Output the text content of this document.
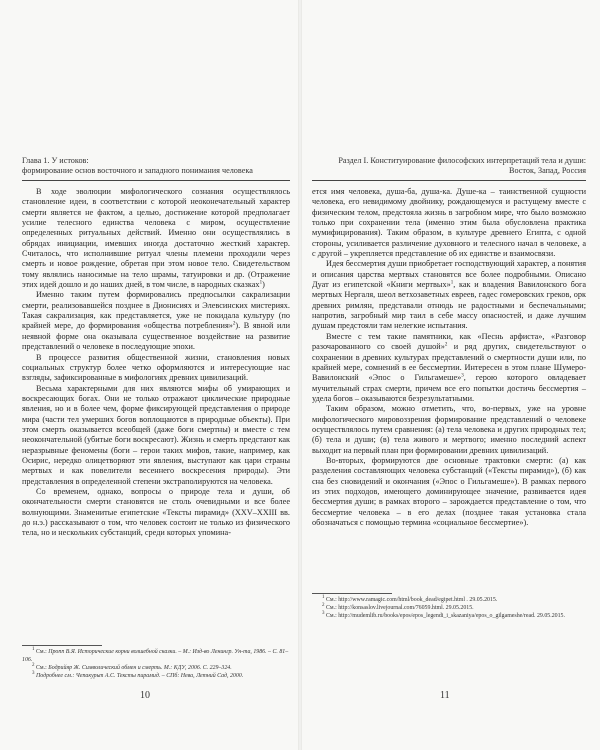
Глава 1. У истоков:
формирование основ восточного и западного понимания человека

В ходе эволюции мифологического сознания осуществлялось становление идеи, в соответствии с которой неоконечательный характер смерти является не фактом, а целью, достижение которой предполагает усилие телесного единства человека с миром, осуществление определенных ритуальных действий. Именно они осуществлялись в обрядах инициации, имевших иногда достаточно жесткий характер. Считалось, что исполнившие ритуал члены племени проходили через смерть и новое рождение, обретая при этом новое тело. Свидетельством тому являлись наносимые на тело шрамы, татуировки и др. (Отражение этих идей дошло и до наших дней, в том числе, в народных сказках$^1$)

Именно таким путем формировались предпосылки сакрализации смерти, реализовавшейся позднее в Дионисиях и Элевсинских мистериях. Такая сакрализация, как представляется, уже не покидала культуру (по крайней мере, до формирования «общества потребления»$^2$). В явной или неявной форме она оказывала существенное воздействие на развитие представлений о человеке в последующие эпохи.

В процессе развития общественной жизни, становления новых социальных структур более четко оформляются и интересующие нас взгляды, зафиксированные в мифологиях древних цивилизаций.

Весьма характерными для них являются мифы об умирающих и воскресающих богах. Они не только отражают циклические природные явления, но и в более чем, форме фиксирующей представления о природе мира (части тел умерших богов воплощаются в природные объекты). При этом смерть оказывается всеобщей (даже боги смертны) и вместе с тем неокончательной (убитые боги воскресают). Жизнь и смерть предстают как неразрывные феномены (боги – герои таких мифов, такие, например, как Осирис, нередко олицетворяют эти явления, выступают как цари страны мертвых и как повелители весеннего воскресения природы). Эти представления в определенной степени экстраполируются на человека.

Со временем, однако, вопросы о природе тела и души, об окончательности смерти становятся не столь очевидными и все более волнующими. Знаменитые египетские «Тексты пирамид» (XXV–XXIII вв. до н.э.) рассказывают о том, что человек состоит не только из физического тела, но и нескольких субстанций, среди которых упомина-

$^1$ См.: Пропп В.Я. Исторические корни волшебной сказки. – М.: Изд-во Ленингр. Ун-та, 1986. – С. 81–106.
$^2$ См.: Бодрийяр Ж. Символический обмен и смерть. М.: КДУ, 2006. С. 229–324.
$^3$ Подробнее см.: Чепакурьт А.С. Тексты пирамид. – СПб: Нева, Летний Сад, 2000.
10
Раздел I. Конституирование философских интерпретаций тела и души:
Восток, Запад, Россия

ется имя человека, душа-ба, душа-ка. Душе-ка – таинственной сущности человека, его невидимому двойнику, рождающемуся и растущему вместе с физическим телом, предстояла жизнь в загробном мире, что было возможно только при сохранении тела (именно этим была обусловлена практика мумифицирования). Таким образом, в культуре древнего Египта, с одной стороны, усиливается различение духовного и телесного начал в человеке, а с другой – укрепляется представление об их единстве и взаимосвязи.

Идея бессмертия души приобретает господствующий характер, а понятия и описания царства мертвых становятся все более подробными. Описано Дуат из египетской «Книги мертвых»$^1$, как и владения Вавилонского бога мертвых Нергаля, шеол ветхозаветных евреев, гадес гомеровских греков, орк древних римлян, представали отнюдь не радостными и беспечальными; напротив, загробный мир таил в себе массу опасностей, и даже лучшим душам предстояли там нелегкие испытания.

Вместе с тем такие памятники, как «Песнь арфиста», «Разговор разочарованного со своей душой»$^2$ и ряд других, свидетельствуют о сохранении в древних культурах представлений о смертности души или, по крайней мере, сомнений в ее бессмертии. Интересен в этом плане Шумеро-Вавилонский «Эпос о Гильгамеше»$^3$, герою которого овладевает мучительный страх смерти, причем все его попытки достичь бессмертия – удела богов – оказываются безрезультатными.

Таким образом, можно отметить, что, во-первых, уже на уровне мифологического мировоззрения формирование представлений о человеке осуществлялось путем сравнения: (а) тела человека и других природных тел; (б) тела и души; (в) тела живого и мертвого; именно последний аспект выходит на первый план при формировании древних цивилизаций.

Во-вторых, формируются две основные трактовки смерти: (а) как разделения составляющих человека субстанций («Тексты пирамид»), (б) как сна без сновидений и окончания («Эпос о Гильгамеше»). В рамках первого из этих подходов, имеющего доминирующее значение, развивается идея бессмертия души; в рамках второго – зарождается представление о том, что бессмертие человека – в его делах (позднее такая установка стала обозначаться с помощью термина «социальное бессмертие»).

$^1$ См.: http://www.ramagic.com/html/book_dead/egipet.html . 29.05.2015.
$^2$ См.: http://konsaslov.livejournal.com/76059.html. 29.05.2015.
$^3$ См.: http://mudemlib.ru/books/epos/epos_legendi_i_skazaniya/epos_o_gilgameshe/read. 29.05.2015.
11
